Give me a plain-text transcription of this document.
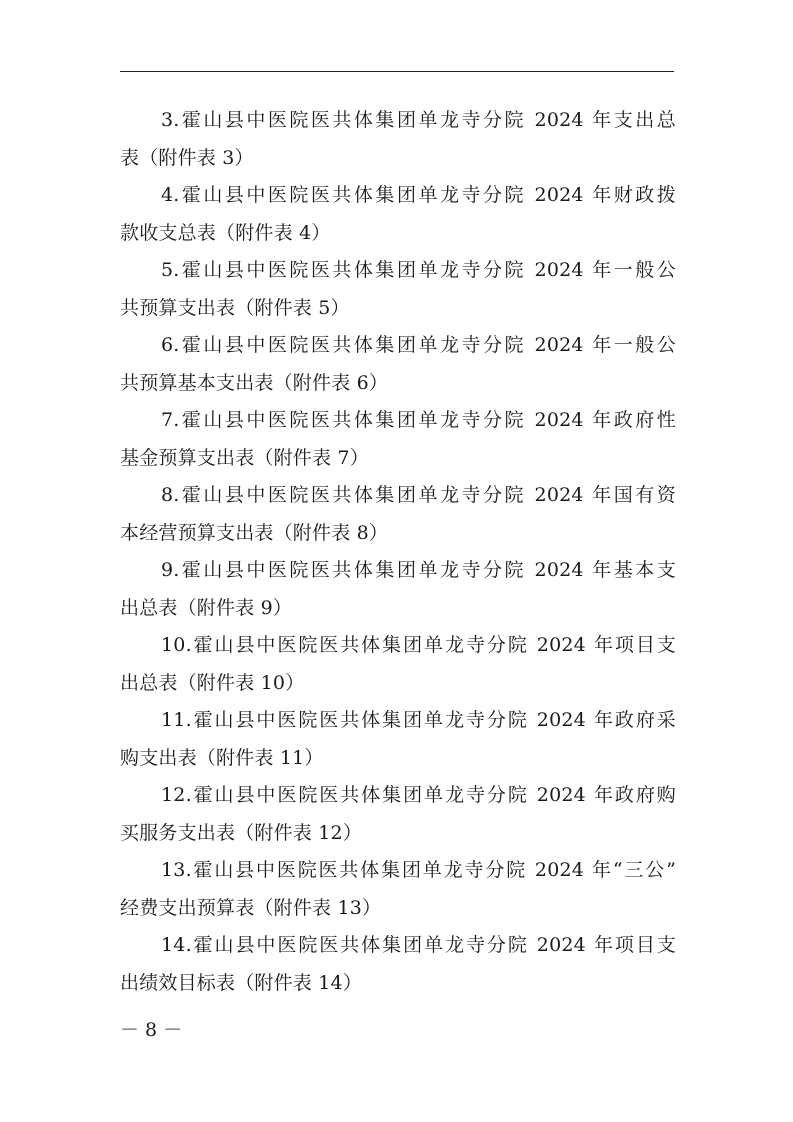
3.霍山县中医院医共体集团单龙寺分院 2024 年支出总

表（附件表 3）

4.霍山县中医院医共体集团单龙寺分院 2024 年财政拨

款收支总表（附件表 4）

5.霍山县中医院医共体集团单龙寺分院 2024 年一般公

共预算支出表（附件表 5）

6.霍山县中医院医共体集团单龙寺分院 2024 年一般公

共预算基本支出表（附件表 6）

7.霍山县中医院医共体集团单龙寺分院 2024 年政府性

基金预算支出表（附件表 7）

8.霍山县中医院医共体集团单龙寺分院 2024 年国有资

本经营预算支出表（附件表 8）

9.霍山县中医院医共体集团单龙寺分院 2024 年基本支

出总表（附件表 9）

10.霍山县中医院医共体集团单龙寺分院 2024 年项目支

出总表（附件表 10）

11.霍山县中医院医共体集团单龙寺分院 2024 年政府采

购支出表（附件表 11）

12.霍山县中医院医共体集团单龙寺分院 2024 年政府购

买服务支出表（附件表 12）

13.霍山县中医院医共体集团单龙寺分院 2024 年“三公”

经费支出预算表（附件表 13）

14.霍山县中医院医共体集团单龙寺分院 2024 年项目支

出绩效目标表（附件表 14）

－ 8 －
